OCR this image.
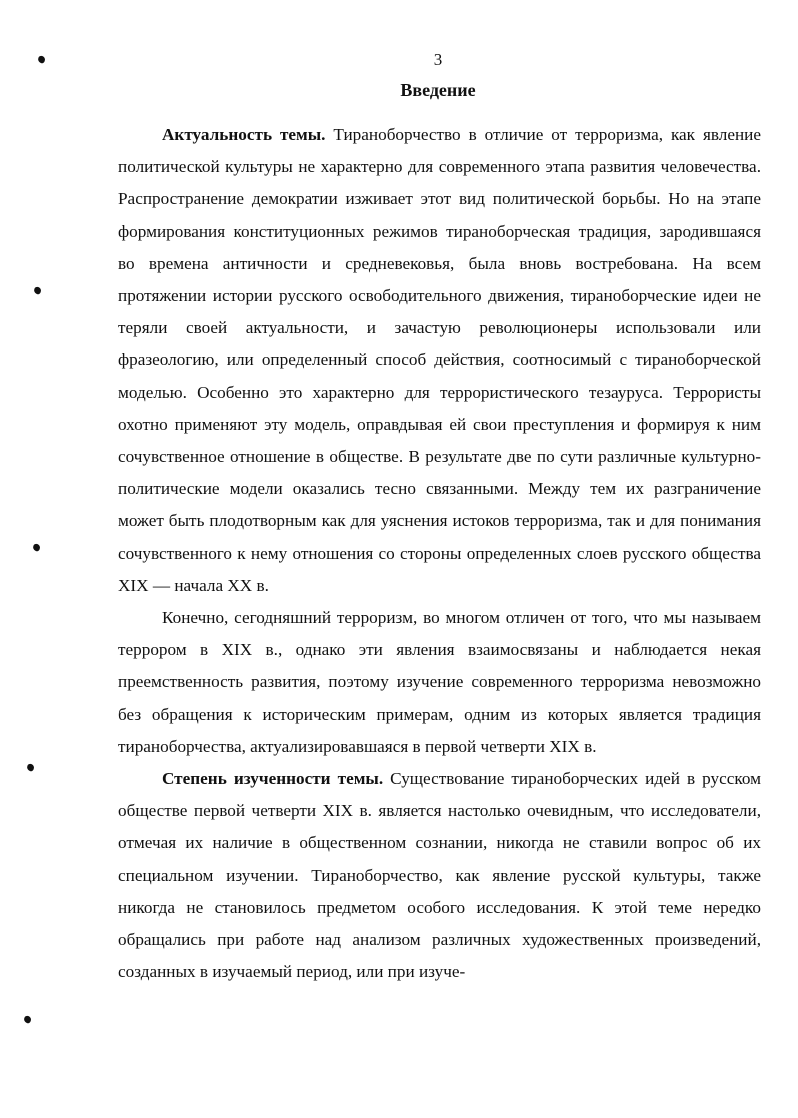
3
Введение

Актуальность темы. Тираноборчество в отличие от терроризма, как явление политической культуры не характерно для современного этапа развития человечества. Распространение демократии изживает этот вид политической борьбы. Но на этапе формирования конституционных режимов тираноборческая традиция, зародившаяся во времена античности и средневековья, была вновь востребована. На всем протяжении истории русского освободительного движения, тираноборческие идеи не теряли своей актуальности, и зачастую революционеры использовали или фразеологию, или определенный способ действия, соотносимый с тираноборческой моделью. Особенно это характерно для террористического тезауруса. Террористы охотно применяют эту модель, оправдывая ей свои преступления и формируя к ним сочувственное отношение в обществе. В результате две по сути различные культурно-политические модели оказались тесно связанными. Между тем их разграничение может быть плодотворным как для уяснения истоков терроризма, так и для понимания сочувственного к нему отношения со стороны определенных слоев русского общества XIX — начала XX в.

Конечно, сегодняшний терроризм, во многом отличен от того, что мы называем террором в XIX в., однако эти явления взаимосвязаны и наблюдается некая преемственность развития, поэтому изучение современного терроризма невозможно без обращения к историческим примерам, одним из которых является традиция тираноборчества, актуализировавшаяся в первой четверти XIX в.

Степень изученности темы. Существование тираноборческих идей в русском обществе первой четверти XIX в. является настолько очевидным, что исследователи, отмечая их наличие в общественном сознании, никогда не ставили вопрос об их специальном изучении. Тираноборчество, как явление русской культуры, также никогда не становилось предметом особого исследования. К этой теме нередко обращались при работе над анализом различных художественных произведений, созданных в изучаемый период, или при изуче-
